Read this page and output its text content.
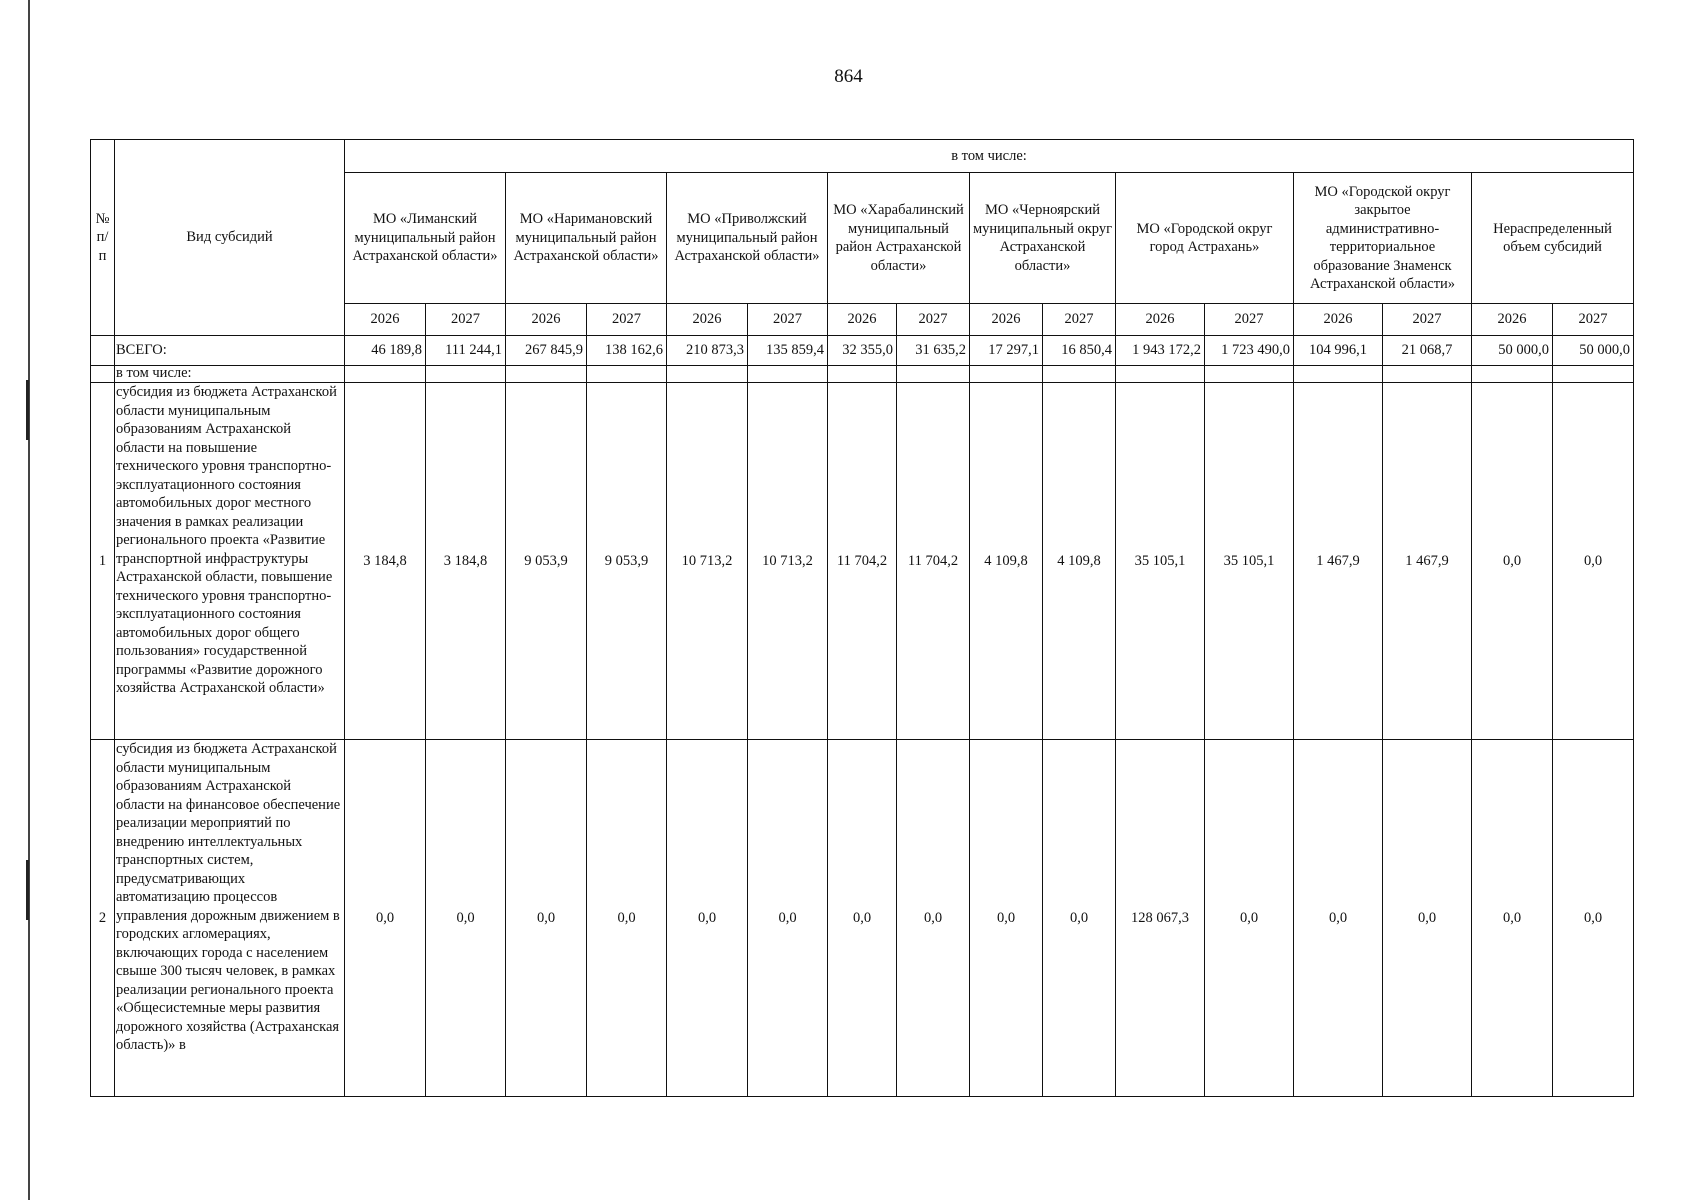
864
№ п/п	Вид субсидий	в том числе:															
		МО «Лиманский муниципальный район Астраханской области»		МО «Наримановский муниципальный район Астраханской области»		МО «Приволжский муниципальный район Астраханской области»		МО «Харабалинский муниципальный район Астраханской области»		МО «Черноярский муниципальный округ Астраханской области»		МО «Городской округ город Астрахань»		МО «Городской округ закрытое административно-территориальное образование Знаменск Астраханской области»		Нераспределенный объем субсидий	
		2026	2027	2026	2027	2026	2027	2026	2027	2026	2027	2026	2027	2026	2027	2026	2027
	ВСЕГО:	46 189,8	111 244,1	267 845,9	138 162,6	210 873,3	135 859,4	32 355,0	31 635,2	17 297,1	16 850,4	1 943 172,2	1 723 490,0	104 996,1	21 068,7	50 000,0	50 000,0
	в том числе:																
1	субсидия из бюджета Астраханской области муниципальным образованиям Астраханской области на повышение технического уровня транспортно-эксплуатационного состояния автомобильных дорог местного значения в рамках реализации регионального проекта «Развитие транспортной инфраструктуры Астраханской области, повышение технического уровня транспортно-эксплуатационного состояния автомобильных дорог общего пользования» государственной программы «Развитие дорожного хозяйства Астраханской области»	3 184,8	3 184,8	9 053,9	9 053,9	10 713,2	10 713,2	11 704,2	11 704,2	4 109,8	4 109,8	35 105,1	35 105,1	1 467,9	1 467,9	0,0	0,0
2	субсидия из бюджета Астраханской области муниципальным образованиям Астраханской области на финансовое обеспечение реализации мероприятий по внедрению интеллектуальных транспортных систем, предусматривающих автоматизацию процессов управления дорожным движением в городских агломерациях, включающих города с населением свыше 300 тысяч человек, в рамках реализации регионального проекта «Общесистемные меры развития дорожного хозяйства (Астраханская область)» в	0,0	0,0	0,0	0,0	0,0	0,0	0,0	0,0	0,0	0,0	128 067,3	0,0	0,0	0,0	0,0	0,0
